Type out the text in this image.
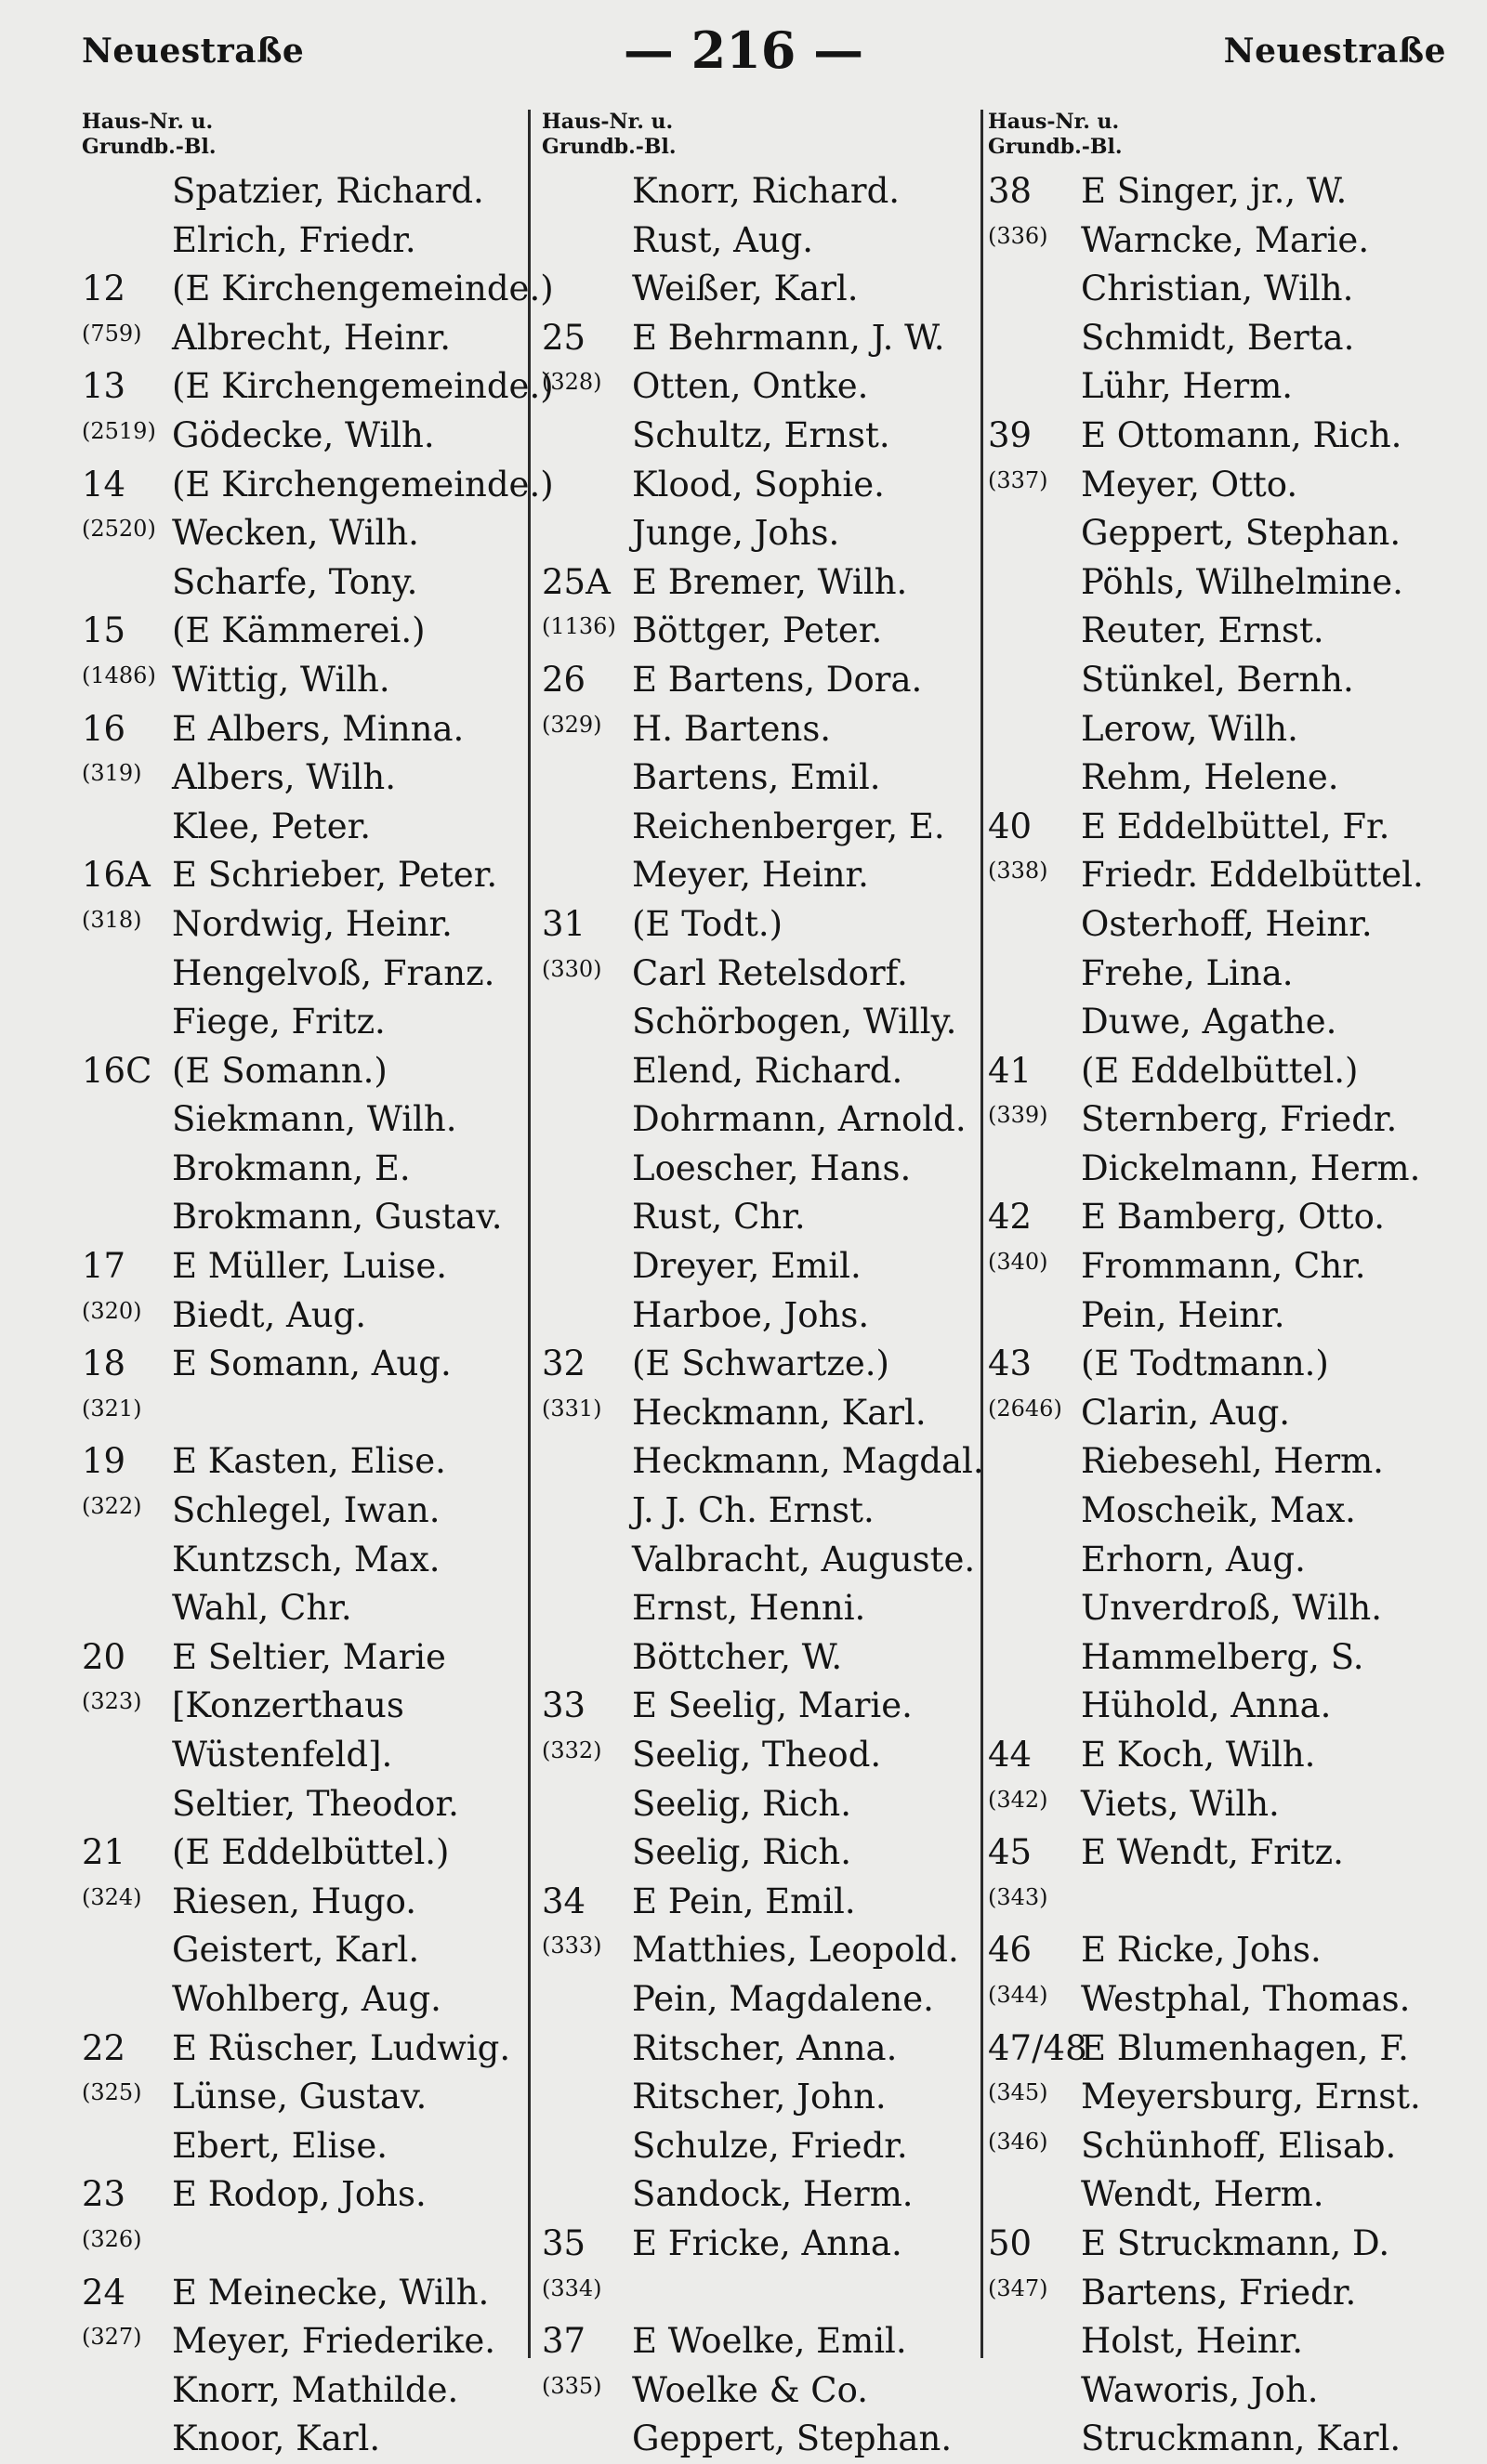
Neuestraße	— 216 —	Neuestraße
Haus-Nr. u.
Grundb.-Bl.
Spatzier, Richard.
Elrich, Friedr.
12 (E Kirchengemeinde.)
(759) Albrecht, Heinr.
13 (E Kirchengemeinde.)
(2519) Gödecke, Wilh.
14 (E Kirchengemeinde.)
(2520) Wecken, Wilh.
Scharfe, Tony.
15 (E Kämmerei.)
(1486) Wittig, Wilh.
16 E Albers, Minna.
(319) Albers, Wilh.
Klee, Peter.
16A E Schrieber, Peter.
(318) Nordwig, Heinr.
Hengelvoß, Franz.
Fiege, Fritz.
16C (E Somann.)
Siekmann, Wilh.
Brokmann, E.
Brokmann, Gustav.
17 E Müller, Luise.
(320) Biedt, Aug.
18 E Somann, Aug.
(321)
19 E Kasten, Elise.
(322) Schlegel, Iwan.
Kuntzsch, Max.
Wahl, Chr.
20 E Seltier, Marie
(323) [Konzerthaus
Wüstenfeld].
Seltier, Theodor.
21 (E Eddelbüttel.)
(324) Riesen, Hugo.
Geistert, Karl.
Wohlberg, Aug.
22 E Rüscher, Ludwig.
(325) Lünse, Gustav.
Ebert, Elise.
23 E Rodop, Johs.
(326)
24 E Meinecke, Wilh.
(327) Meyer, Friederike.
Knorr, Mathilde.
Knoor, Karl.
Haus-Nr. u.
Grundb.-Bl.
Knorr, Richard.
Rust, Aug.
Weißer, Karl.
25 E Behrmann, J. W.
(328) Otten, Ontke.
Schultz, Ernst.
Klood, Sophie.
Junge, Johs.
25A E Bremer, Wilh.
(1136) Böttger, Peter.
26 E Bartens, Dora.
(329) H. Bartens.
Bartens, Emil.
Reichenberger, E.
Meyer, Heinr.
31 (E Todt.)
(330) Carl Retelsdorf.
Schörbogen, Willy.
Elend, Richard.
Dohrmann, Arnold.
Loescher, Hans.
Rust, Chr.
Dreyer, Emil.
Harboe, Johs.
32 (E Schwartze.)
(331) Heckmann, Karl.
Heckmann, Magdal.
J. J. Ch. Ernst.
Valbracht, Auguste.
Ernst, Henni.
Böttcher, W.
33 E Seelig, Marie.
(332) Seelig, Theod.
Seelig, Rich.
Seelig, Rich.
34 E Pein, Emil.
(333) Matthies, Leopold.
Pein, Magdalene.
Ritscher, Anna.
Ritscher, John.
Schulze, Friedr.
Sandock, Herm.
35 E Fricke, Anna.
(334)
37 E Woelke, Emil.
(335) Woelke & Co.
Geppert, Stephan.
Haus-Nr. u.
Grundb.-Bl.
38 E Singer, jr., W.
(336) Warncke, Marie.
Christian, Wilh.
Schmidt, Berta.
Lühr, Herm.
39 E Ottomann, Rich.
(337) Meyer, Otto.
Geppert, Stephan.
Pöhls, Wilhelmine.
Reuter, Ernst.
Stünkel, Bernh.
Lerow, Wilh.
Rehm, Helene.
40 E Eddelbüttel, Fr.
(338) Friedr. Eddelbüttel.
Osterhoff, Heinr.
Frehe, Lina.
Duwe, Agathe.
41 (E Eddelbüttel.)
(339) Sternberg, Friedr.
Dickelmann, Herm.
42 E Bamberg, Otto.
(340) Frommann, Chr.
Pein, Heinr.
43 (E Todtmann.)
(2646) Clarin, Aug.
Riebesehl, Herm.
Moscheik, Max.
Erhorn, Aug.
Unverdroß, Wilh.
Hammelberg, S.
Hühold, Anna.
44 E Koch, Wilh.
(342) Viets, Wilh.
45 E Wendt, Fritz.
(343)
46 E Ricke, Johs.
(344) Westphal, Thomas.
47/48
E Blumenhagen, F.
(345) Meyersburg, Ernst.
(346) Schünhoff, Elisab.
Wendt, Herm.
50 E Struckmann, D.
(347) Bartens, Friedr.
Holst, Heinr.
Waworis, Joh.
Struckmann, Karl.
